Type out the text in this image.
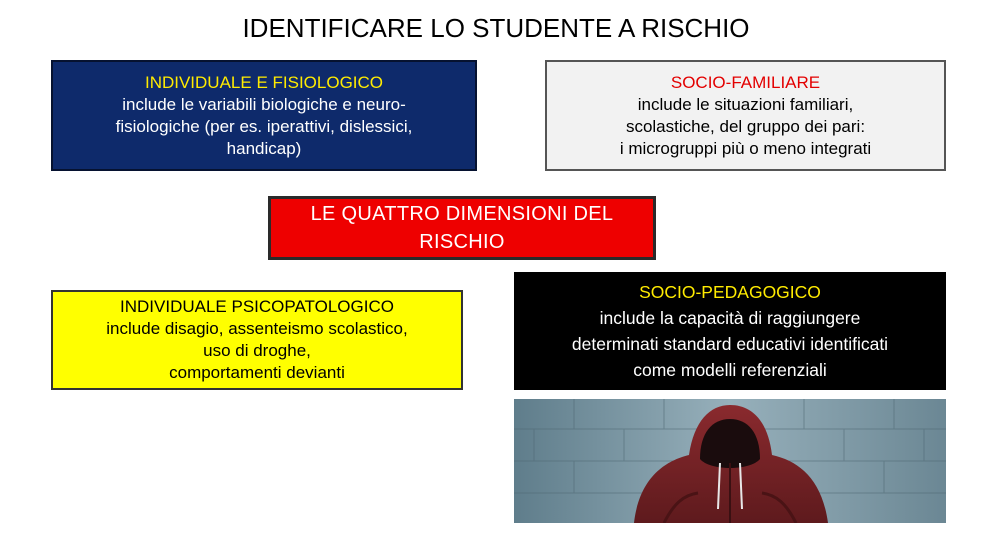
IDENTIFICARE LO STUDENTE A RISCHIO
INDIVIDUALE E FISIOLOGICO
include le variabili biologiche e neuro-
fisiologiche (per es. iperattivi, dislessici,
handicap)
SOCIO-FAMILIARE
include le situazioni familiari,
scolastiche, del gruppo dei pari:
i microgruppi più o meno integrati
LE QUATTRO DIMENSIONI DEL
RISCHIO
INDIVIDUALE PSICOPATOLOGICO
include disagio, assenteismo scolastico,
uso di droghe,
comportamenti devianti
SOCIO-PEDAGOGICO
include la capacità di raggiungere
determinati standard educativi identificati
come modelli referenziali
